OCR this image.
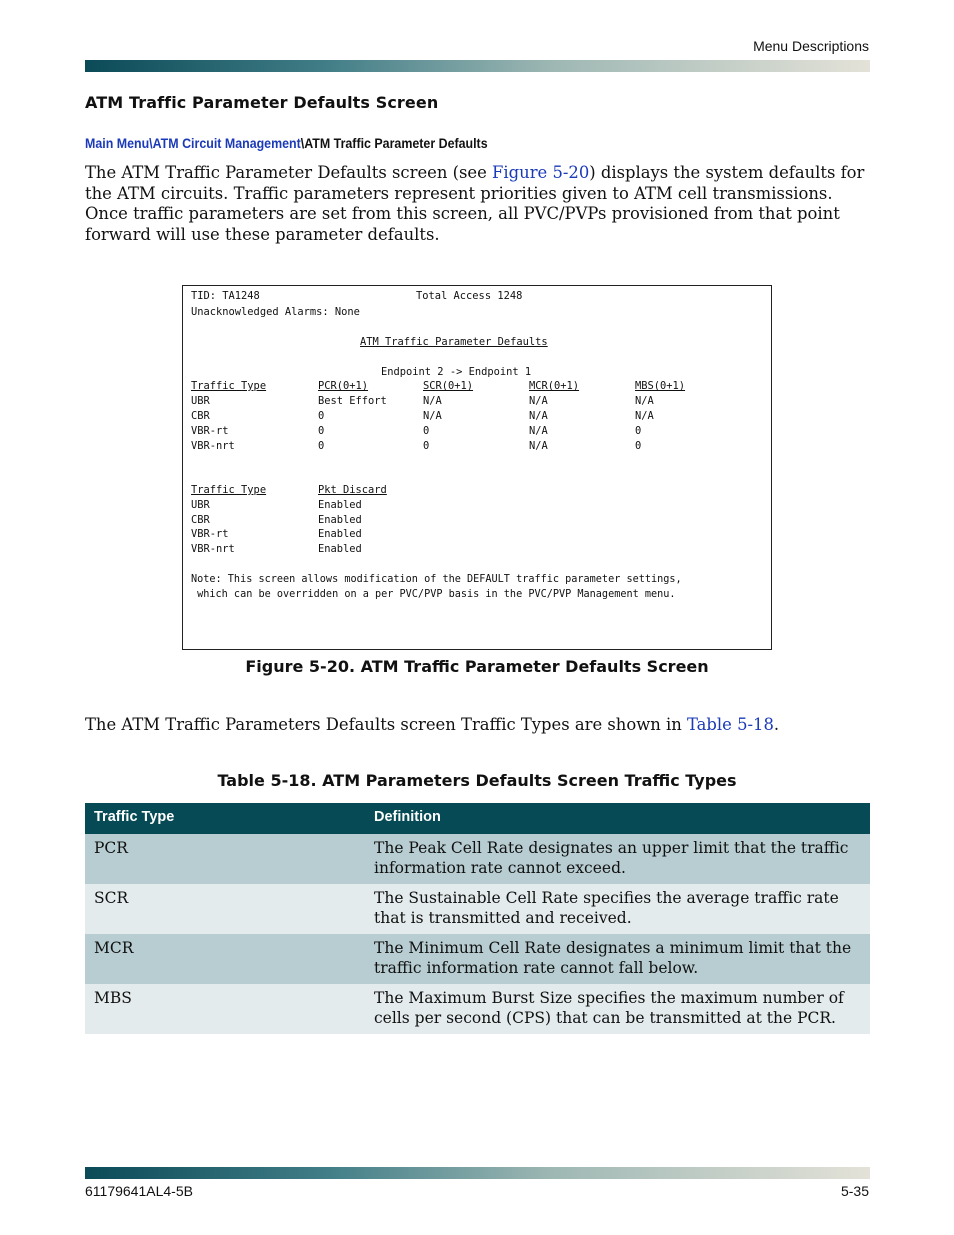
Menu Descriptions
ATM Traffic Parameter Defaults Screen
Main Menu\ATM Circuit Management\ATM Traffic Parameter Defaults
The ATM Traffic Parameter Defaults screen (see Figure 5-20) displays the system defaults for the ATM circuits. Traffic parameters represent priorities given to ATM cell transmissions. Once traffic parameters are set from this screen, all PVC/PVPs provisioned from that point forward will use these parameter defaults.
TID: TA1248	Total Access 1248
Unacknowledged Alarms: None
ATM Traffic Parameter Defaults
Endpoint 2 -> Endpoint 1
Traffic Type	PCR(0+1)	SCR(0+1)	MCR(0+1)	MBS(0+1)
UBR	Best Effort	N/A	N/A	N/A
CBR	0	N/A	N/A	N/A
VBR-rt	0	0	N/A	0
VBR-nrt	0	0	N/A	0
Traffic Type	Pkt Discard
UBR	Enabled
CBR	Enabled
VBR-rt	Enabled
VBR-nrt	Enabled
Note: This screen allows modification of the DEFAULT traffic parameter settings,
which can be overridden on a per PVC/PVP basis in the PVC/PVP Management menu.
Figure 5-20. ATM Traffic Parameter Defaults Screen
The ATM Traffic Parameters Defaults screen Traffic Types are shown in Table 5-18.
Table 5-18. ATM Parameters Defaults Screen Traffic Types
Traffic Type	Definition
PCR	The Peak Cell Rate designates an upper limit that the traffic information rate cannot exceed.
SCR	The Sustainable Cell Rate specifies the average traffic rate that is transmitted and received.
MCR	The Minimum Cell Rate designates a minimum limit that the traffic information rate cannot fall below.
MBS	The Maximum Burst Size specifies the maximum number of cells per second (CPS) that can be transmitted at the PCR.
61179641AL4-5B	5-35
